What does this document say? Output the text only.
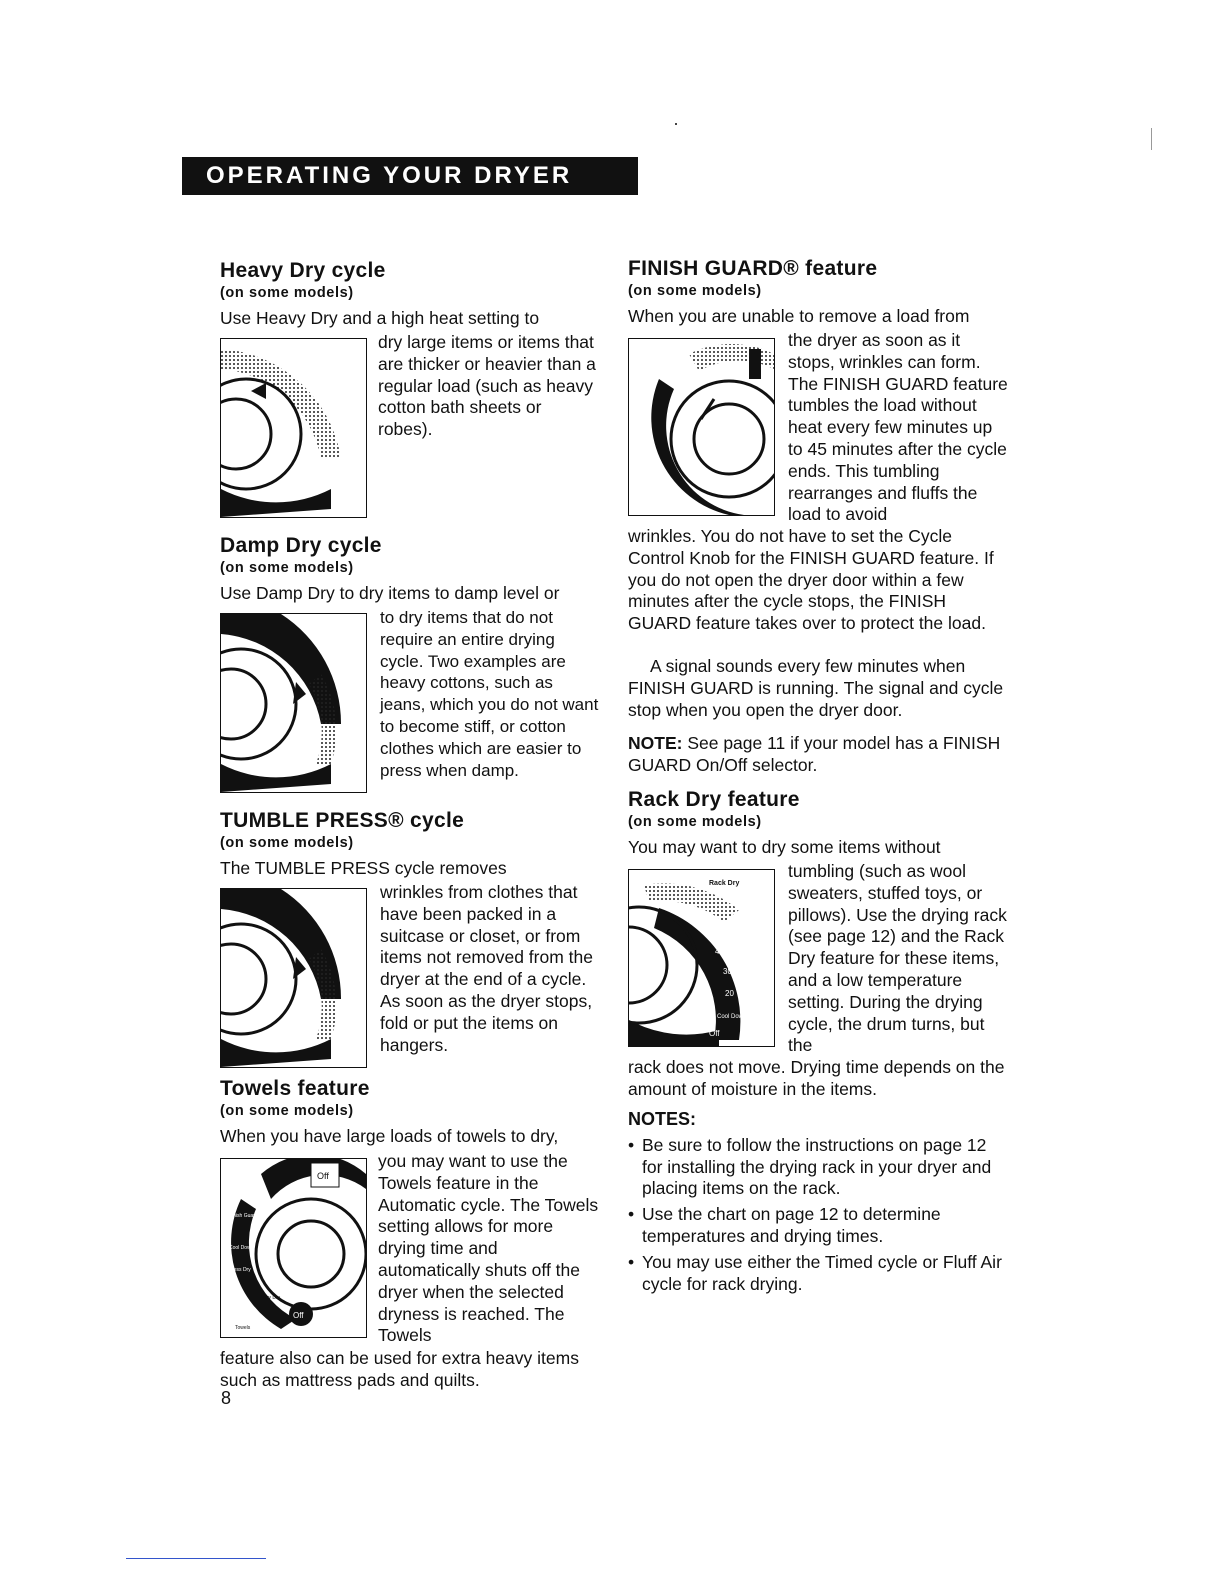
OPERATING YOUR DRYER
Heavy Dry cycle
(on some models)

Use Heavy Dry and a high heat setting to

dry large items or items that are thicker or heavier than a regular load (such as heavy cotton bath sheets or robes).

Damp Dry cycle
(on some models)

Use Damp Dry to dry items to damp level or

to dry items that do not require an entire drying cycle. Two examples are heavy cottons, such as jeans, which you do not want to become stiff, or cotton clothes which are easier to press when damp.

TUMBLE PRESS® cycle
(on some models)

The TUMBLE PRESS cycle removes

wrinkles from clothes that have been packed in a suitcase or closet, or from items not removed from the dryer at the end of a cycle. As soon as the dryer stops, fold or put the items on hangers.

Towels feature
(on some models)

When you have large loads of towels to dry,

Off
Off
Finish Guard
Cool Down
Less Dry
Very Dry
Towels

you may want to use the Towels feature in the Automatic cycle. The Towels setting allows for more drying time and automatically shuts off the dryer when the selected dryness is reached. The Towels

feature also can be used for extra heavy items such as mattress pads and quilts.

FINISH GUARD® feature
(on some models)

When you are unable to remove a load from

the dryer as soon as it stops, wrinkles can form. The FINISH GUARD feature tumbles the load without heat every few minutes up to 45 minutes after the cycle ends. This tumbling rearranges and fluffs the load to avoid

wrinkles. You do not have to set the Cycle Control Knob for the FINISH GUARD feature. If you do not open the dryer door within a few minutes after the cycle stops, the FINISH GUARD feature takes over to protect the load.

A signal sounds every few minutes when FINISH GUARD is running. The signal and cycle stop when you open the dryer door.

NOTE: See page 11 if your model has a FINISH GUARD On/Off selector.

Rack Dry feature
(on some models)

You may want to dry some items without

Rack Dry
70
60
50
40
30
20
Cool Down
Off

tumbling (such as wool sweaters, stuffed toys, or pillows). Use the drying rack (see page 12) and the Rack Dry feature for these items, and a low temperature setting. During the drying cycle, the drum turns, but the

rack does not move. Drying time depends on the amount of moisture in the items.

NOTES:
• Be sure to follow the instructions on page 12 for installing the drying rack in your dryer and placing items on the rack.
• Use the chart on page 12 to determine temperatures and drying times.
• You may use either the Timed cycle or Fluff Air cycle for rack drying.
8
